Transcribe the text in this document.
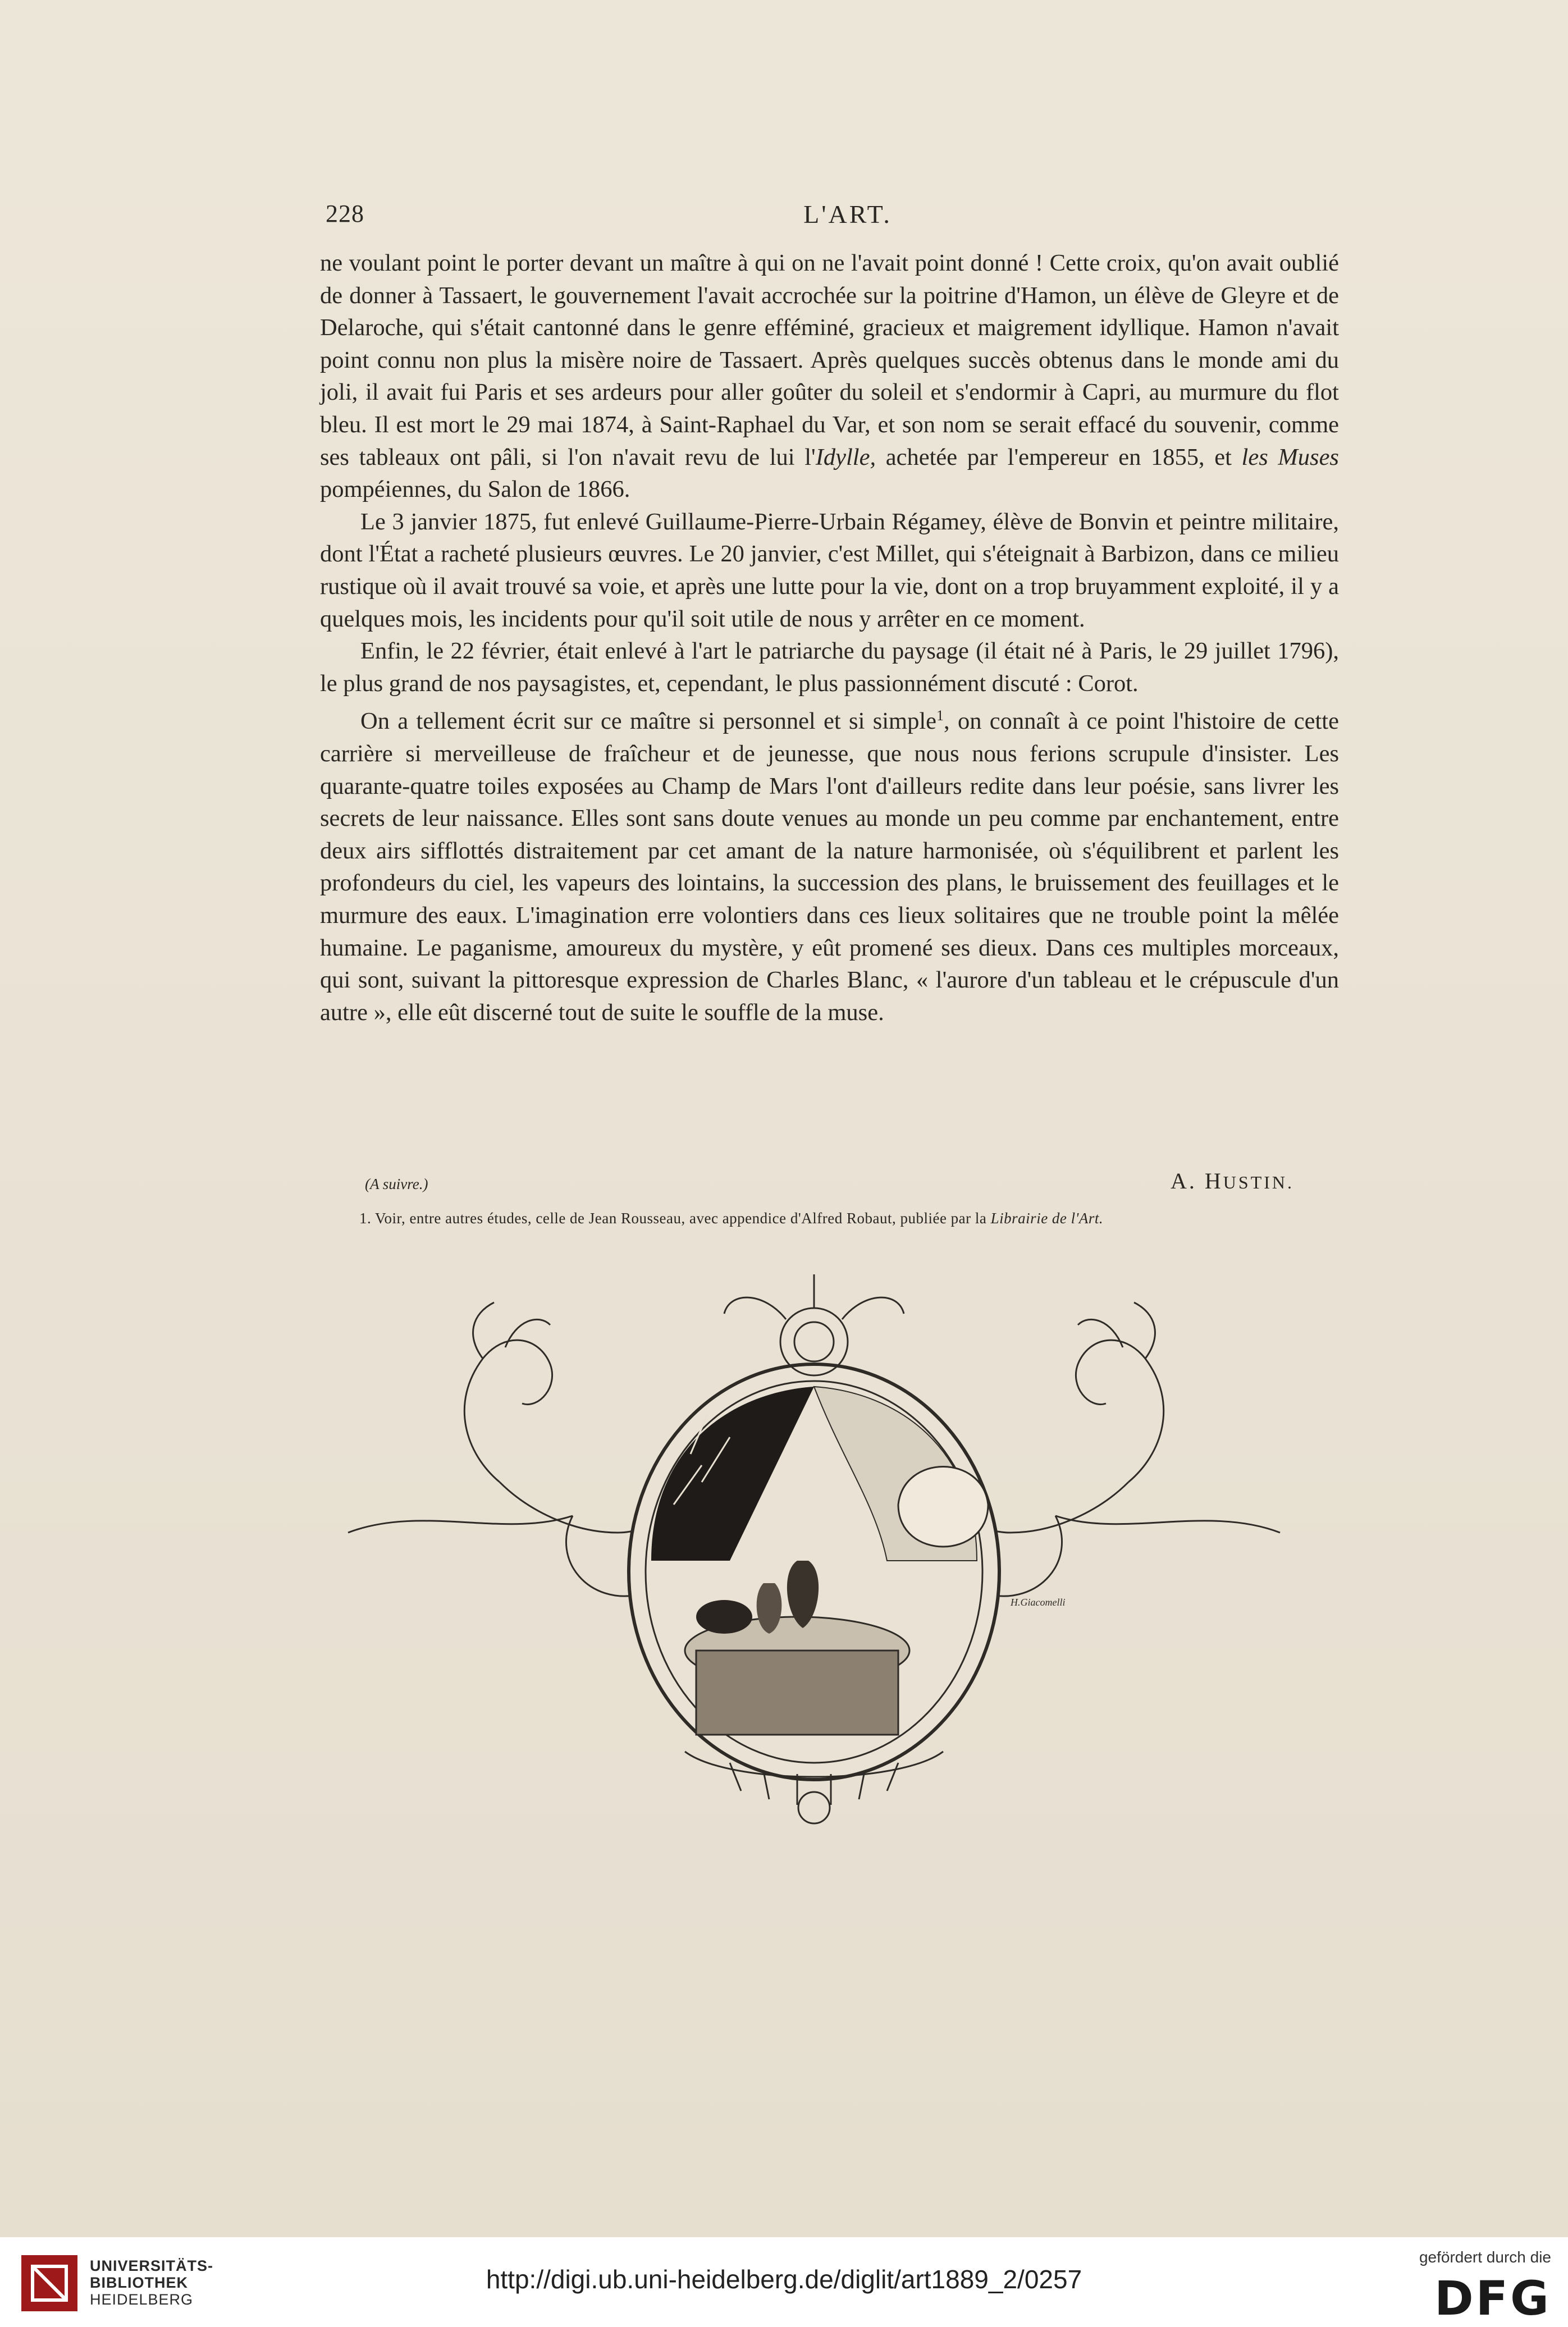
228	L'ART.

ne voulant point le porter devant un maître à qui on ne l'avait point donné ! Cette croix, qu'on avait oublié de donner à Tassaert, le gouvernement l'avait accrochée sur la poitrine d'Hamon, un élève de Gleyre et de Delaroche, qui s'était cantonné dans le genre efféminé, gracieux et maigrement idyllique. Hamon n'avait point connu non plus la misère noire de Tassaert. Après quelques succès obtenus dans le monde ami du joli, il avait fui Paris et ses ardeurs pour aller goûter du soleil et s'endormir à Capri, au murmure du flot bleu. Il est mort le 29 mai 1874, à Saint-Raphael du Var, et son nom se serait effacé du souvenir, comme ses tableaux ont pâli, si l'on n'avait revu de lui l'Idylle, achetée par l'empereur en 1855, et les Muses pompéiennes, du Salon de 1866.

Le 3 janvier 1875, fut enlevé Guillaume-Pierre-Urbain Régamey, élève de Bonvin et peintre militaire, dont l'État a racheté plusieurs œuvres. Le 20 janvier, c'est Millet, qui s'éteignait à Barbizon, dans ce milieu rustique où il avait trouvé sa voie, et après une lutte pour la vie, dont on a trop bruyamment exploité, il y a quelques mois, les incidents pour qu'il soit utile de nous y arrêter en ce moment.

Enfin, le 22 février, était enlevé à l'art le patriarche du paysage (il était né à Paris, le 29 juillet 1796), le plus grand de nos paysagistes, et, cependant, le plus passionnément discuté : Corot.

On a tellement écrit sur ce maître si personnel et si simple$^1$, on connaît à ce point l'histoire de cette carrière si merveilleuse de fraîcheur et de jeunesse, que nous nous ferions scrupule d'insister. Les quarante-quatre toiles exposées au Champ de Mars l'ont d'ailleurs redite dans leur poésie, sans livrer les secrets de leur naissance. Elles sont sans doute venues au monde un peu comme par enchantement, entre deux airs sifflottés distraitement par cet amant de la nature harmonisée, où s'équilibrent et parlent les profondeurs du ciel, les vapeurs des lointains, la succession des plans, le bruissement des feuillages et le murmure des eaux. L'imagination erre volontiers dans ces lieux solitaires que ne trouble point la mêlée humaine. Le paganisme, amoureux du mystère, y eût promené ses dieux. Dans ces multiples morceaux, qui sont, suivant la pittoresque expression de Charles Blanc, « l'aurore d'un tableau et le crépuscule d'un autre », elle eût discerné tout de suite le souffle de la muse.

(A suivre.)	A. HUSTIN.
1. Voir, entre autres études, celle de Jean Rousseau, avec appendice d'Alfred Robaut, publiée par la Librairie de l'Art.
H.Giacomelli
UNIVERSITÄTS-
BIBLIOTHEK
HEIDELBERG
http://digi.ub.uni-heidelberg.de/diglit/art1889_2/0257
gefördert durch die
DFG
